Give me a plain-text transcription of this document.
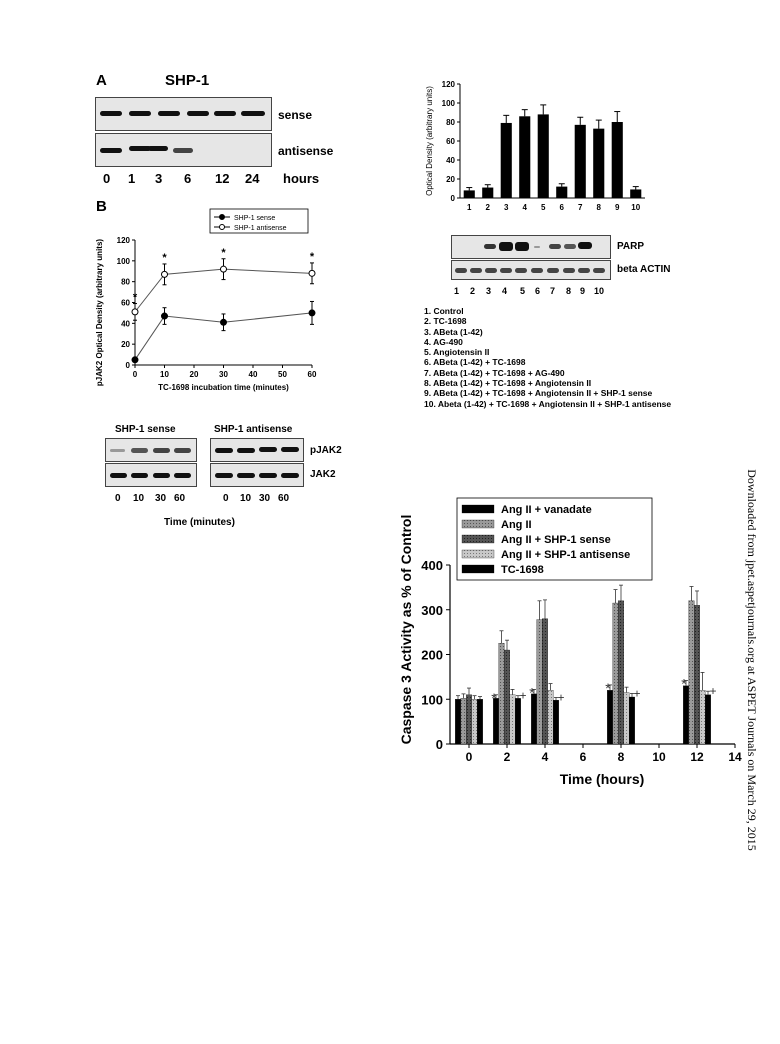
Downloaded from jpet.aspetjournals.org at ASPET Journals on March 29, 2015
A	SHP-1
sense
antisense
0 1 3 6 12 24 hours
B
0
20
40
60
80
100
120
0	10	20	30	40	50	60
TC-1698 incubation time (minutes)
pJAK2 Optical Density (arbitrary units)	*
*	*	*
SHP-1 sense
SHP-1 antisense
SHP-1 sense	SHP-1 antisense
pJAK2
JAK2
0 10 30 60	0 10 30 60
Time (minutes)
0
20
40
60
80
100
120
Optical Density (arbitrary units)
1 2 3 4 5 6 7 8 9 10
PARP
beta ACTIN
1 2 3 4 5 6 7 8 9 10
1. Control
2. TC-1698
3. ABeta (1-42)
4. AG-490
5. Angiotensin II
6. ABeta (1-42) + TC-1698
7. ABeta (1-42) + TC-1698 + AG-490
8. ABeta (1-42) + TC-1698 + Angiotensin II
9. ABeta (1-42) + TC-1698 + Angiotensin II + SHP-1 sense
10. Abeta (1-42) + TC-1698 + Angiotensin II + SHP-1 antisense
0
100
200
300
400
0	2	4	6	8 10 12 14
Time (hours)
Caspase 3 Activity as % of Control	* *	*	*
+	+	+	+
Ang II + vanadate
Ang II
Ang II + SHP-1 sense
Ang II + SHP-1 antisense
TC-1698
